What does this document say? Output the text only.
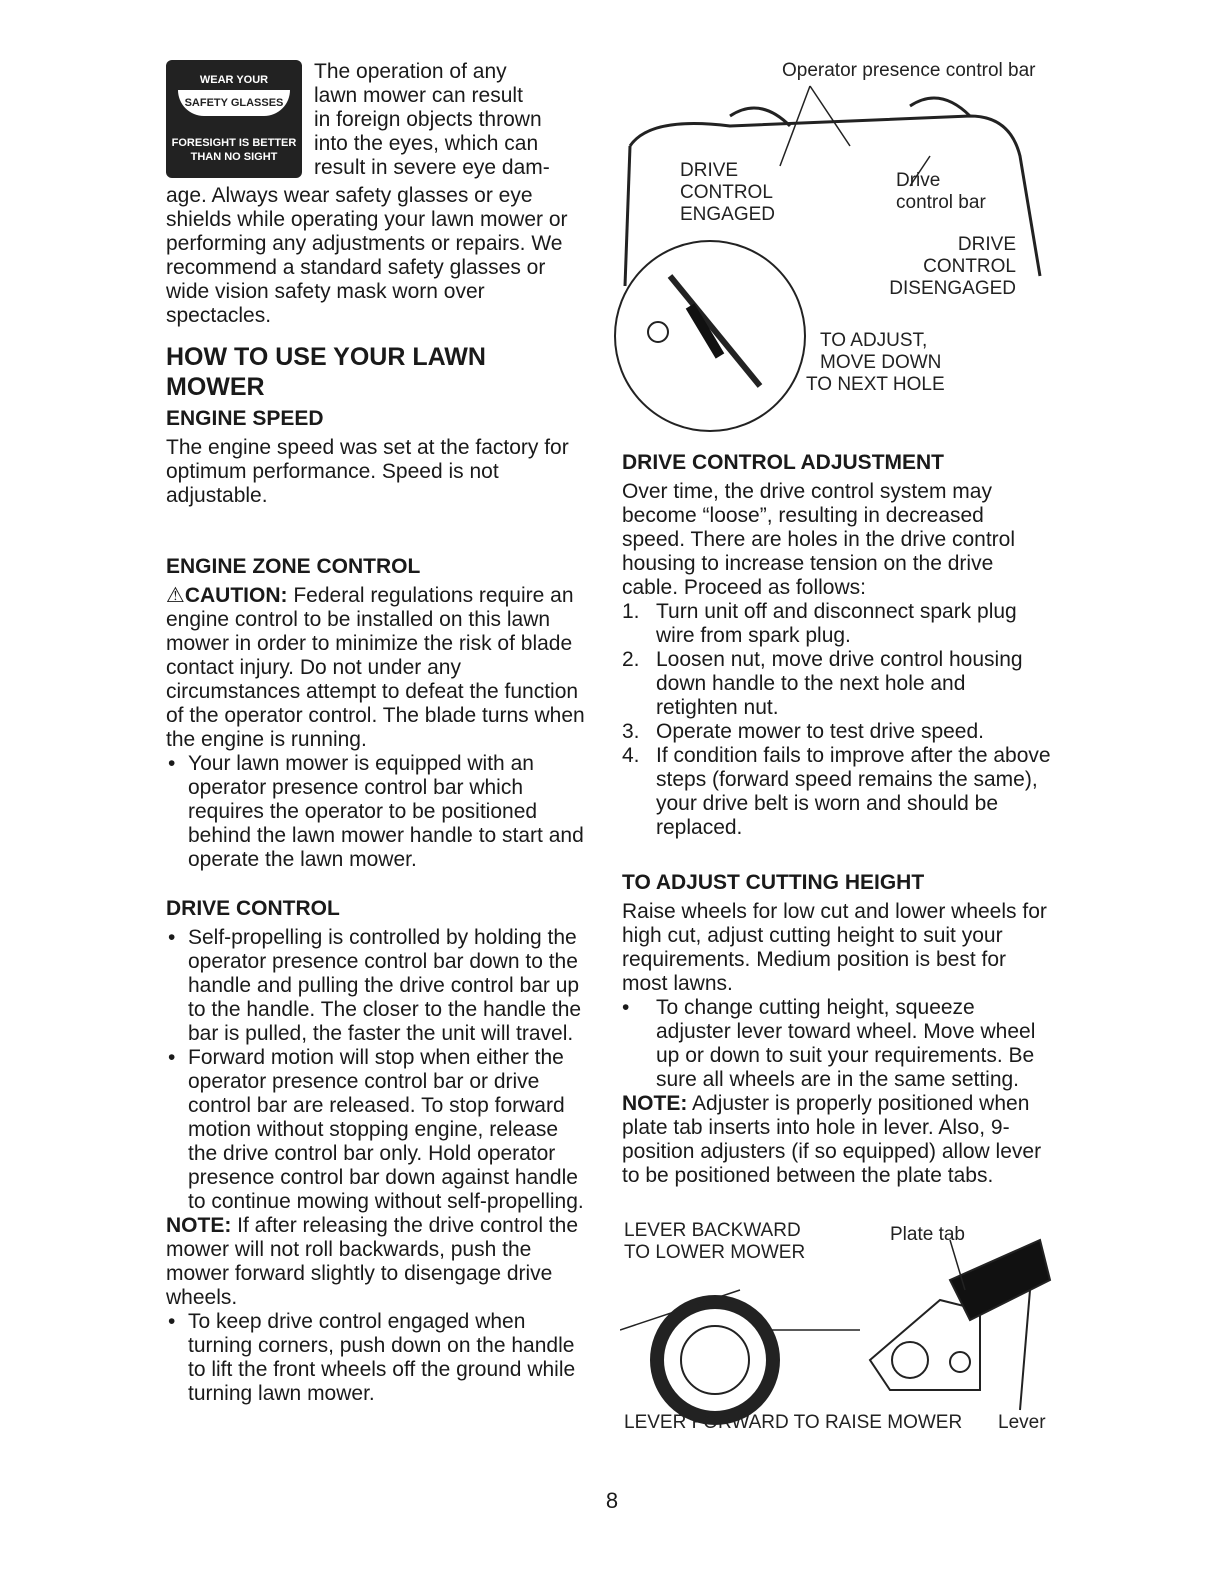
WEAR YOUR
SAFETY GLASSES
FORESIGHT IS BETTER
THAN NO SIGHT

The operation of any

lawn mower can result

in foreign objects thrown

into the eyes, which can

result in severe eye dam-

age. Always wear safety glasses or eye shields while operating your lawn mower or performing any adjustments or repairs. We recommend a standard safety glasses or wide vision safety mask worn over spectacles.

HOW TO USE YOUR LAWN MOWER
ENGINE SPEED

The engine speed was set at the factory for optimum performance. Speed is not adjustable.

ENGINE ZONE CONTROL

⚠CAUTION: Federal regulations require an engine control to be installed on this lawn mower in order to minimize the risk of blade contact injury. Do not under any circumstances attempt to defeat the function of the operator control. The blade turns when the engine is running.

• Your lawn mower is equipped with an operator presence control bar which requires the operator to be positioned behind the lawn mower handle to start and operate the lawn mower.
DRIVE CONTROL
• Self-propelling is controlled by holding the operator presence control bar down to the handle and pulling the drive control bar up to the handle. The closer to the handle the bar is pulled, the faster the unit will travel.
• Forward motion will stop when either the operator presence control bar or drive control bar are released. To stop forward motion without stopping engine, release the drive control bar only. Hold operator presence control bar down against handle to continue mowing without self-propelling.

NOTE: If after releasing the drive control the mower will not roll backwards, push the mower forward slightly to disengage drive wheels.

• To keep drive control engaged when turning corners, push down on the handle to lift the front wheels off the ground while turning lawn mower.
Operator presence control bar
DRIVE
CONTROL
ENGAGED
Drive
control bar
DRIVE
CONTROL
DISENGAGED
TO ADJUST,
MOVE DOWN
TO NEXT HOLE
DRIVE CONTROL ADJUSTMENT

Over time, the drive control system may become “loose”, resulting in decreased speed. There are holes in the drive control housing to increase tension on the drive cable. Proceed as follows:

1. Turn unit off and disconnect spark plug wire from spark plug.
2. Loosen nut, move drive control housing down handle to the next hole and retighten nut.
3. Operate mower to test drive speed.
4. If condition fails to improve after the above steps (forward speed remains the same), your drive belt is worn and should be replaced.
TO ADJUST CUTTING HEIGHT

Raise wheels for low cut and lower wheels for high cut, adjust cutting height to suit your requirements. Medium position is best for most lawns.

• To change cutting height, squeeze adjuster lever toward wheel. Move wheel up or down to suit your requirements. Be sure all wheels are in the same setting.

NOTE: Adjuster is properly positioned when plate tab inserts into hole in lever. Also, 9-position adjusters (if so equipped) allow lever to be positioned between the plate tabs.

LEVER BACKWARD
TO LOWER MOWER
Plate tab
LEVER FORWARD TO RAISE MOWER Lever
8
